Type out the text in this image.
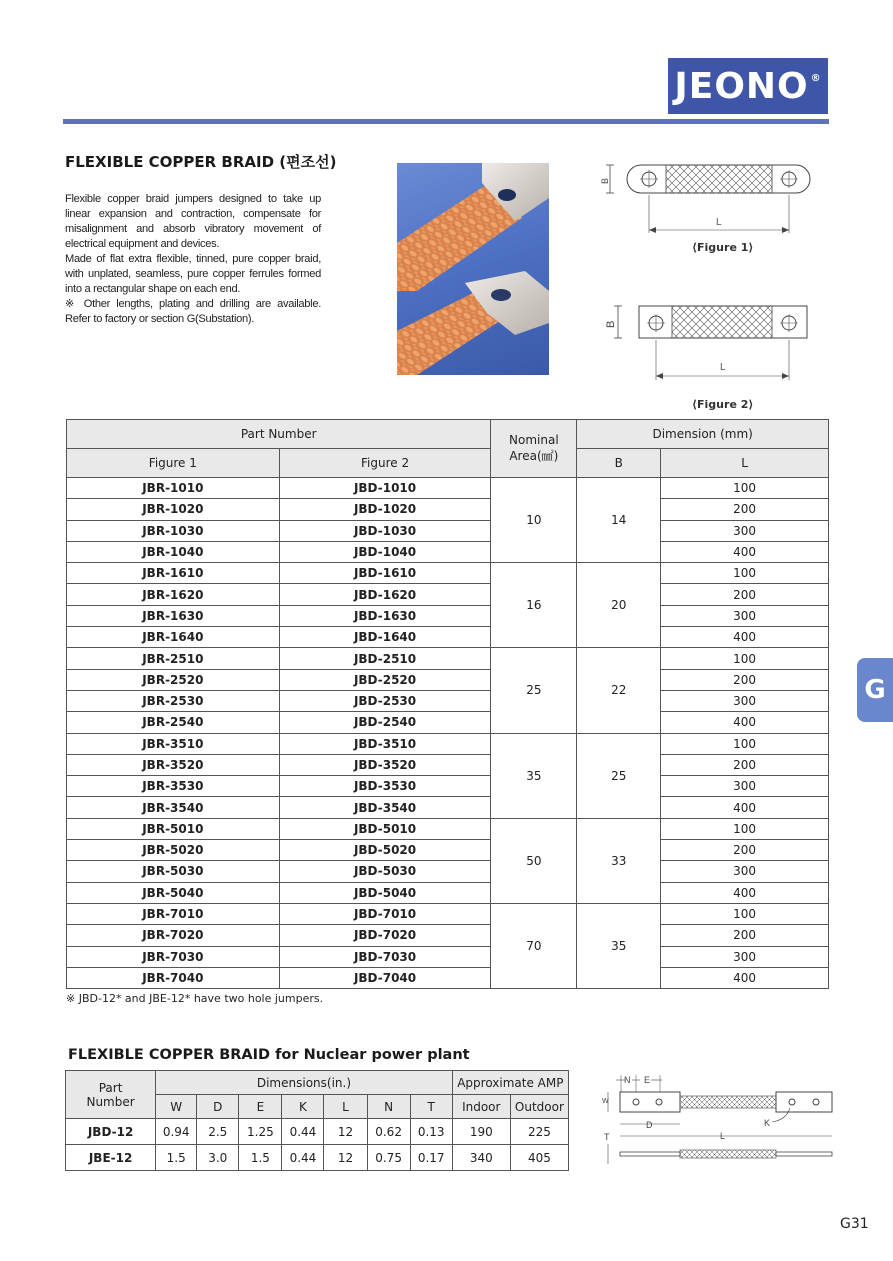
JEONO®
FLEXIBLE COPPER BRAID (편조선)

Flexible copper braid jumpers designed to take up linear expansion and contraction, compensate for misalignment and absorb vibratory movement of electrical equipment and devices.

Made of flat extra flexible, tinned, pure copper braid, with unplated, seamless, pure copper ferrules formed into a rectangular shape on each end.

※ Other lengths, plating and drilling are available. Refer to factory or section G(Substation).

B
L
⟨Figure 1⟩
B
L
⟨Figure 2⟩
Part Number		Nominal
Area(㎟)	Dimension (mm)	
Figure 1	Figure 2		B	L
JBR-1010	JBD-1010	10	14	100
JBR-1020	JBD-1020			200
JBR-1030	JBD-1030			300
JBR-1040	JBD-1040			400
JBR-1610	JBD-1610	16	20	100
JBR-1620	JBD-1620			200
JBR-1630	JBD-1630			300
JBR-1640	JBD-1640			400
JBR-2510	JBD-2510	25	22	100
JBR-2520	JBD-2520			200
JBR-2530	JBD-2530			300
JBR-2540	JBD-2540			400
JBR-3510	JBD-3510	35	25	100
JBR-3520	JBD-3520			200
JBR-3530	JBD-3530			300
JBR-3540	JBD-3540			400
JBR-5010	JBD-5010	50	33	100
JBR-5020	JBD-5020			200
JBR-5030	JBD-5030			300
JBR-5040	JBD-5040			400
JBR-7010	JBD-7010	70	35	100
JBR-7020	JBD-7020			200
JBR-7030	JBD-7030			300
JBR-7040	JBD-7040			400
※ JBD-12* and JBE-12* have two hole jumpers.
FLEXIBLE COPPER BRAID for Nuclear power plant
Part
Number	Dimensions(in.)							Approximate AMP	
	W	D	E	K	L	N	T	Indoor	Outdoor
JBD-12	0.94	2.5	1.25	0.44	12	0.62	0.13	190	225
JBE-12	1.5	3.0	1.5	0.44	12	0.75	0.17	340	405
N E
W
D	K
L
T
G
G31
